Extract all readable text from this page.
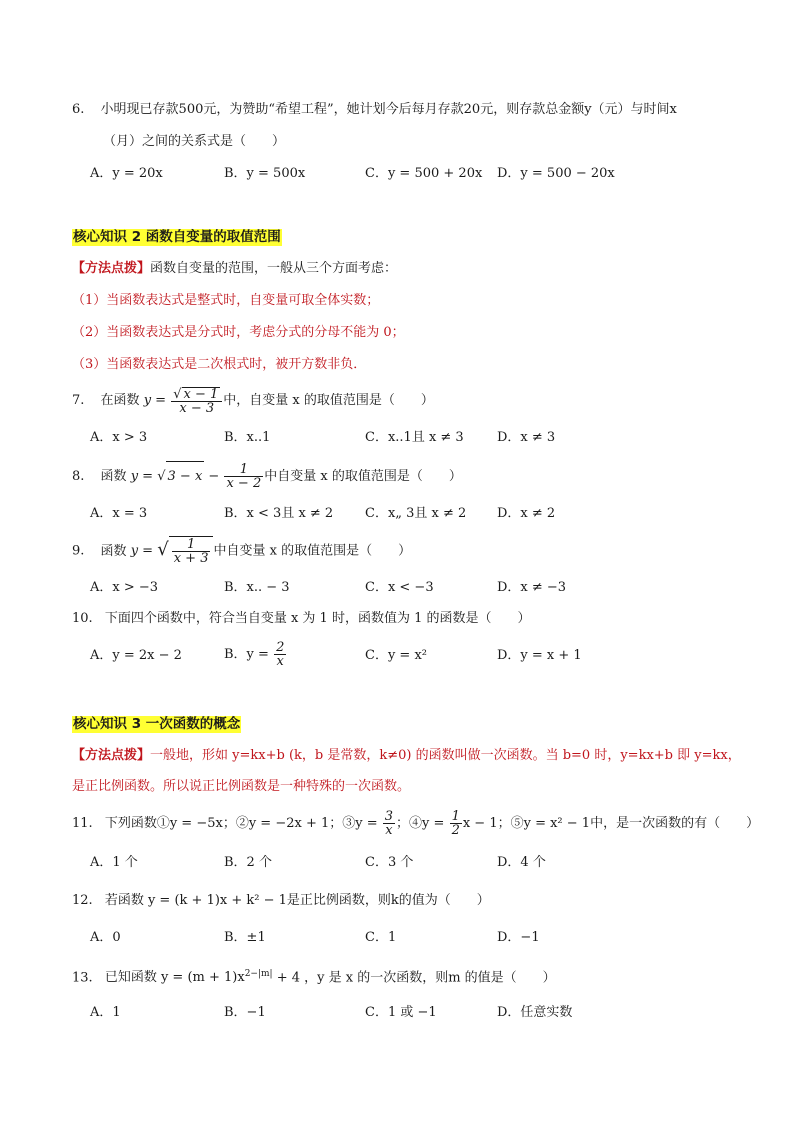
6. 小明现已存款500元，为赞助“希望工程”，她计划今后每月存款20元，则存款总金额y（元）与时间x
（月）之间的关系式是（　　）
A．y = 20x	B．y = 500x	C．y = 500 + 20x D．y = 500 − 20x
核心知识 2 函数自变量的取值范围
【方法点拨】函数自变量的范围，一般从三个方面考虑：
（1）当函数表达式是整式时，自变量可取全体实数；
（2）当函数表达式是分式时，考虑分式的分母不能为 0；
（3）当函数表达式是二次根式时，被开方数非负．
7. 在函数 $y = \frac{√ x - 1}{x - 3}$ 中，自变量 x 的取值范围是（　　）
A．x > 3	B．x..1	C．x..1且 x ≠ 3	D．x ≠ 3
8. 函数 y = √ $3 - x - \frac{1}{x - 2}$ 中自变量 x 的取值范围是（　　）
A．x = 3	B．x < 3且 x ≠ 2 C．x„ 3且 x ≠ 2 D．x ≠ 2
9. 函数 y = √ $\frac{1}{x + 3}$ 中自变量 x 的取值范围是（　　）
A．x > −3	B．x.. − 3	C．x < −3	D．x ≠ −3
10. 下面四个函数中，符合当自变量 x 为 1 时，函数值为 1 的函数是（　　）
A．y = 2x − 2	B．$y = \frac{2}{x}$	C．y = x²	D．y = x + 1
核心知识 3 一次函数的概念
【方法点拨】一般地，形如 y=kx+b (k，b 是常数，k≠0) 的函数叫做一次函数。当 b=0 时，y=kx+b 即 y=kx，
是正比例函数。所以说正比例函数是一种特殊的一次函数。
11. 下列函数①y = −5x；②y = −2x + 1；③y = $\frac{3}{x}$ ；④y = $\frac{1}{2}$ x − 1；⑤y = x² − 1中，是一次函数的有（　　）
A．1 个	B．2 个	C．3 个	D．4 个
12. 若函数 y = (k + 1)x + k² − 1是正比例函数，则k的值为（　　）
A．0	B．±1	C．1	D．−1
13. 已知函数 $y = (m + 1)x^{2-|m|} + 4$ ，y 是 x 的一次函数，则m 的值是（　　）
A．1	B．−1	C．1 或 −1	D．任意实数
